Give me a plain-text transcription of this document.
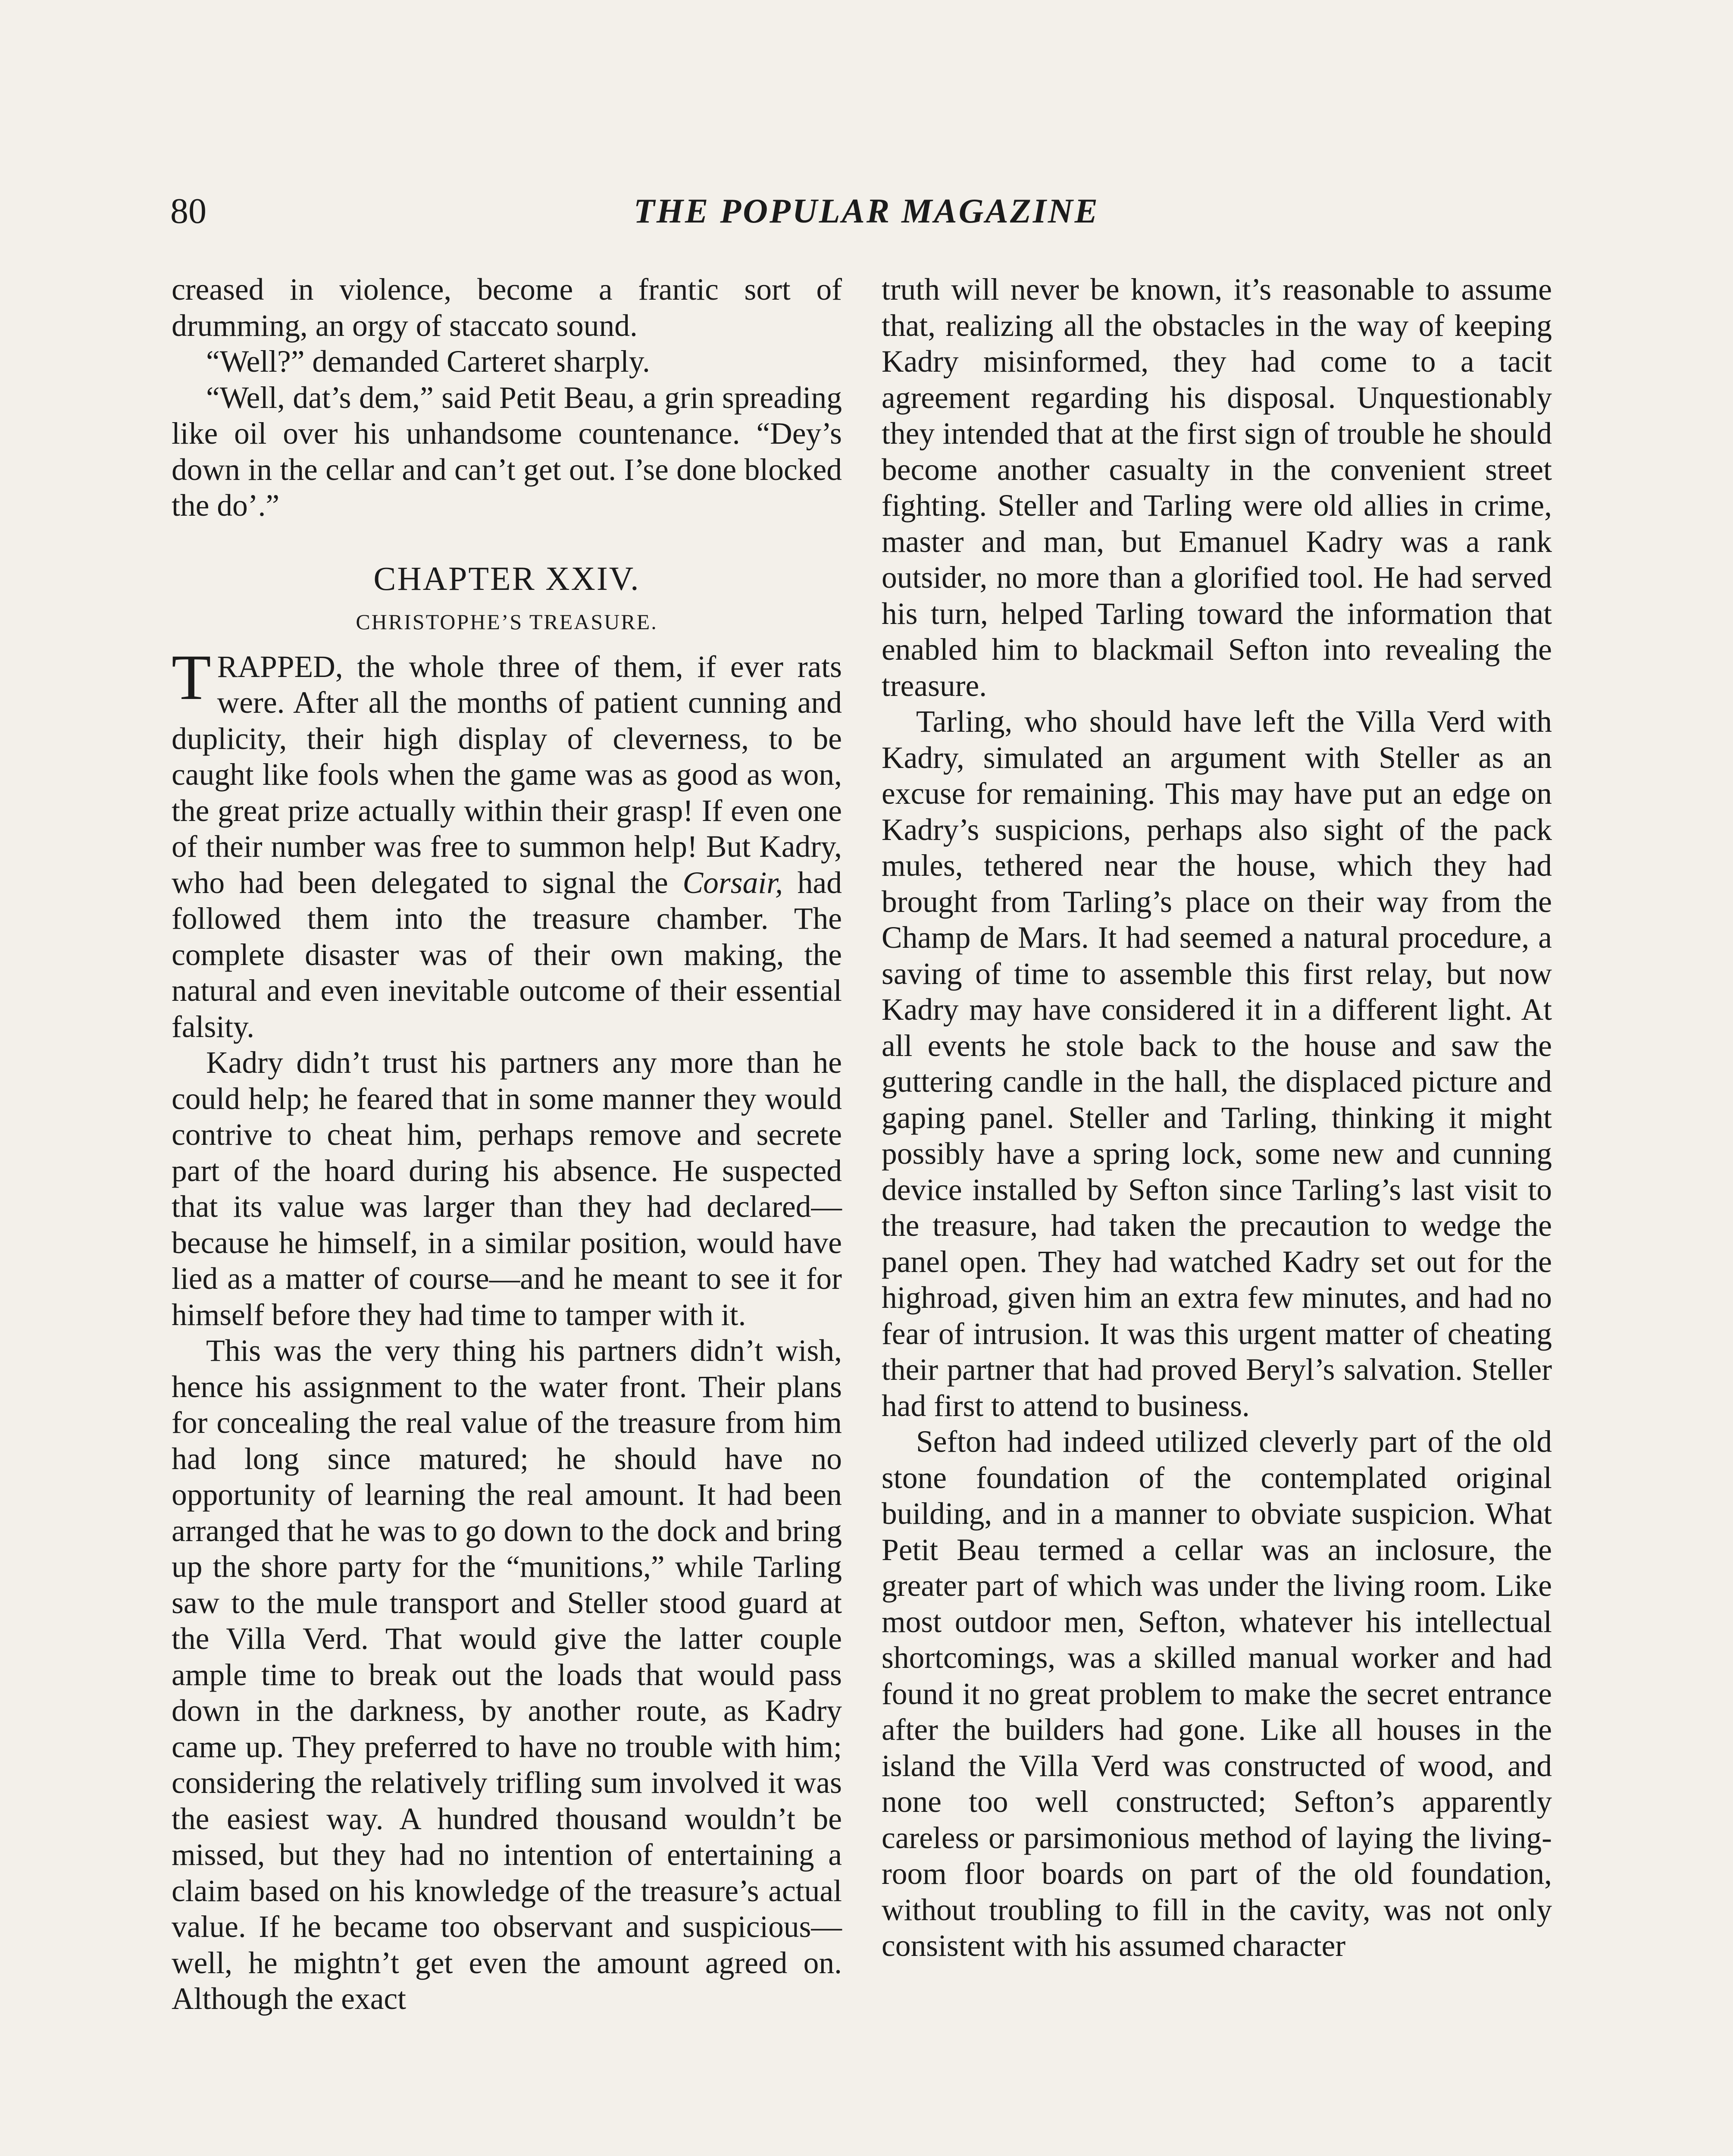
80	THE POPULAR MAGAZINE

creased in violence, become a frantic sort of drumming, an orgy of staccato sound.

“Well?” demanded Carteret sharply.

“Well, dat’s dem,” said Petit Beau, a grin spreading like oil over his unhandsome countenance. “Dey’s down in the cellar and can’t get out. I’se done blocked the do’.”

CHAPTER XXIV.
CHRISTOPHE’S TREASURE.

TRAPPED, the whole three of them, if ever rats were. After all the months of patient cunning and duplicity, their high display of cleverness, to be caught like fools when the game was as good as won, the great prize actually within their grasp! If even one of their number was free to summon help! But Kadry, who had been delegated to signal the Corsair, had followed them into the treasure chamber. The complete disaster was of their own making, the natural and even inevitable outcome of their essential falsity.

Kadry didn’t trust his partners any more than he could help; he feared that in some manner they would contrive to cheat him, perhaps remove and secrete part of the hoard during his absence. He suspected that its value was larger than they had declared—because he himself, in a similar position, would have lied as a matter of course—and he meant to see it for himself before they had time to tamper with it.

This was the very thing his partners didn’t wish, hence his assignment to the water front. Their plans for concealing the real value of the treasure from him had long since matured; he should have no opportunity of learning the real amount. It had been arranged that he was to go down to the dock and bring up the shore party for the “munitions,” while Tarling saw to the mule transport and Steller stood guard at the Villa Verd. That would give the latter couple ample time to break out the loads that would pass down in the darkness, by another route, as Kadry came up. They preferred to have no trouble with him; considering the relatively trifling sum involved it was the easiest way. A hundred thousand wouldn’t be missed, but they had no intention of entertaining a claim based on his knowledge of the treasure’s actual value. If he became too observant and suspicious—well, he mightn’t get even the amount agreed on. Although the exact

truth will never be known, it’s reasonable to assume that, realizing all the obstacles in the way of keeping Kadry misinformed, they had come to a tacit agreement regarding his disposal. Unquestionably they intended that at the first sign of trouble he should become another casualty in the convenient street fighting. Steller and Tarling were old allies in crime, master and man, but Emanuel Kadry was a rank outsider, no more than a glorified tool. He had served his turn, helped Tarling toward the information that enabled him to blackmail Sefton into revealing the treasure.

Tarling, who should have left the Villa Verd with Kadry, simulated an argument with Steller as an excuse for remaining. This may have put an edge on Kadry’s suspicions, perhaps also sight of the pack mules, tethered near the house, which they had brought from Tarling’s place on their way from the Champ de Mars. It had seemed a natural procedure, a saving of time to assemble this first relay, but now Kadry may have considered it in a different light. At all events he stole back to the house and saw the guttering candle in the hall, the displaced picture and gaping panel. Steller and Tarling, thinking it might possibly have a spring lock, some new and cunning device installed by Sefton since Tarling’s last visit to the treasure, had taken the precaution to wedge the panel open. They had watched Kadry set out for the highroad, given him an extra few minutes, and had no fear of intrusion. It was this urgent matter of cheating their partner that had proved Beryl’s salvation. Steller had first to attend to business.

Sefton had indeed utilized cleverly part of the old stone foundation of the contemplated original building, and in a manner to obviate suspicion. What Petit Beau termed a cellar was an inclosure, the greater part of which was under the living room. Like most outdoor men, Sefton, whatever his intellectual shortcomings, was a skilled manual worker and had found it no great problem to make the secret entrance after the builders had gone. Like all houses in the island the Villa Verd was constructed of wood, and none too well constructed; Sefton’s apparently careless or parsimonious method of laying the living-room floor boards on part of the old foundation, without troubling to fill in the cavity, was not only consistent with his assumed character
